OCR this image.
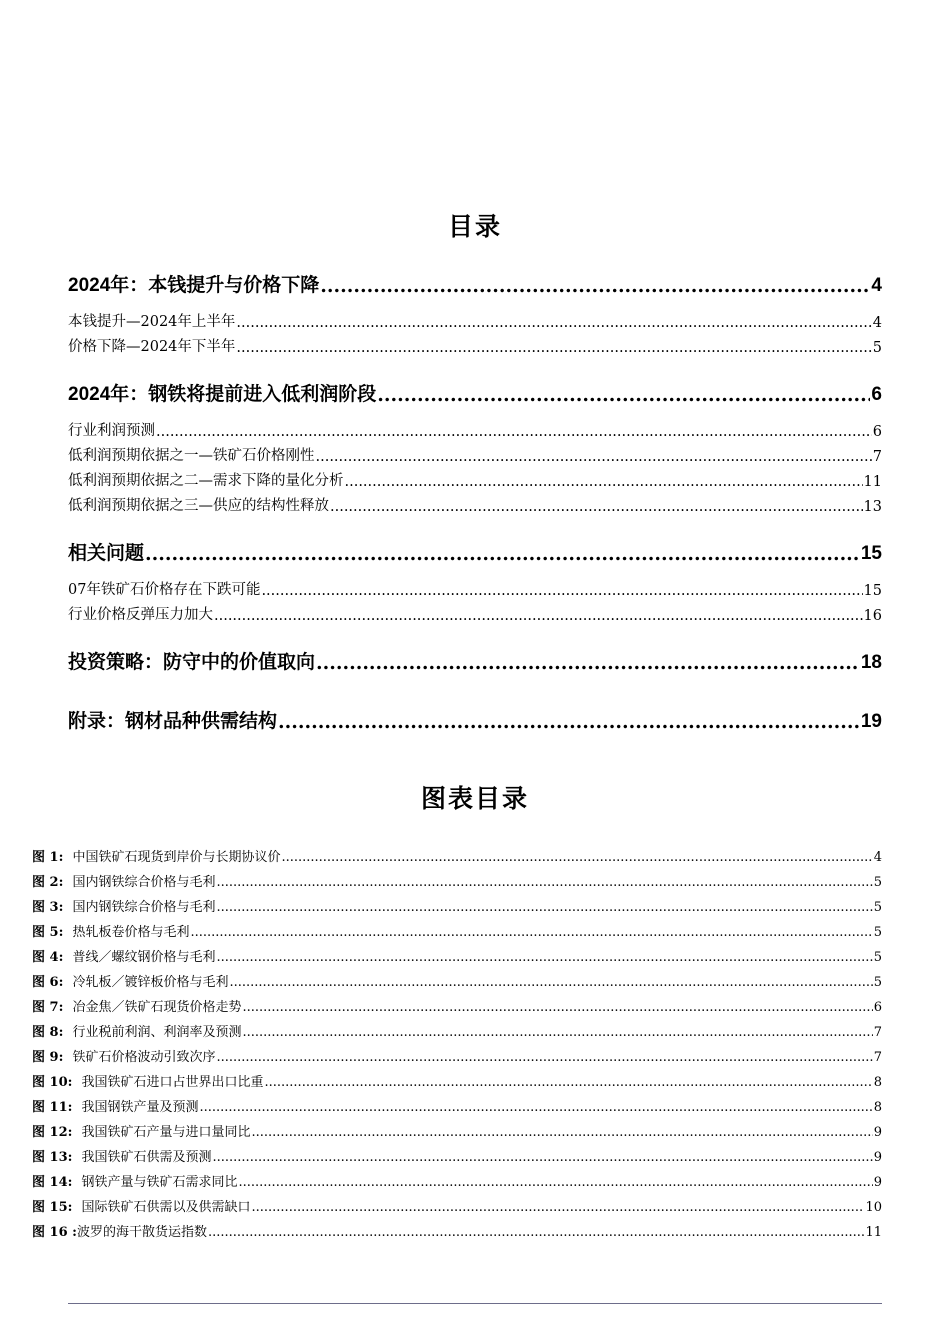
目录
2024年：本钱提升与价格下降 .....	4
本钱提升—2024年上半年 .....	4
价格下降—2024年下半年 .....	5
2024年：钢铁将提前进入低利润阶段 .....	6
行业利润预测 .....	6
低利润预期依据之一—铁矿石价格刚性 .....	7
低利润预期依据之二—需求下降的量化分析 .....	11
低利润预期依据之三—供应的结构性释放 .....	13
相关问题 .....	15
07年铁矿石价格存在下跌可能 .....	15
行业价格反弹压力加大 .....	16
投资策略：防守中的价值取向 .....	18
附录：钢材品种供需结构 .....	19
图表目录
图 1: 中国铁矿石现货到岸价与长期协议价 .....	4
图 2: 国内钢铁综合价格与毛利 .....	5
图 3: 国内钢铁综合价格与毛利 .....	5
图 5: 热轧板卷价格与毛利 .....	5
图 4: 普线／螺纹钢价格与毛利 .....	5
图 6: 冷轧板／镀锌板价格与毛利 .....	5
图 7: 冶金焦／铁矿石现货价格走势 .....	6
图 8: 行业税前利润、利润率及预测 .....	7
图 9: 铁矿石价格波动引致次序 .....	7
图 10: 我国铁矿石进口占世界出口比重 .....	8
图 11: 我国钢铁产量及预测 .....	8
图 12: 我国铁矿石产量与进口量同比 .....	9
图 13: 我国铁矿石供需及预测 .....	9
图 14: 钢铁产量与铁矿石需求同比 .....	9
图 15: 国际铁矿石供需以及供需缺口 .....	10
图 16 :波罗的海干散货运指数 .....	11
